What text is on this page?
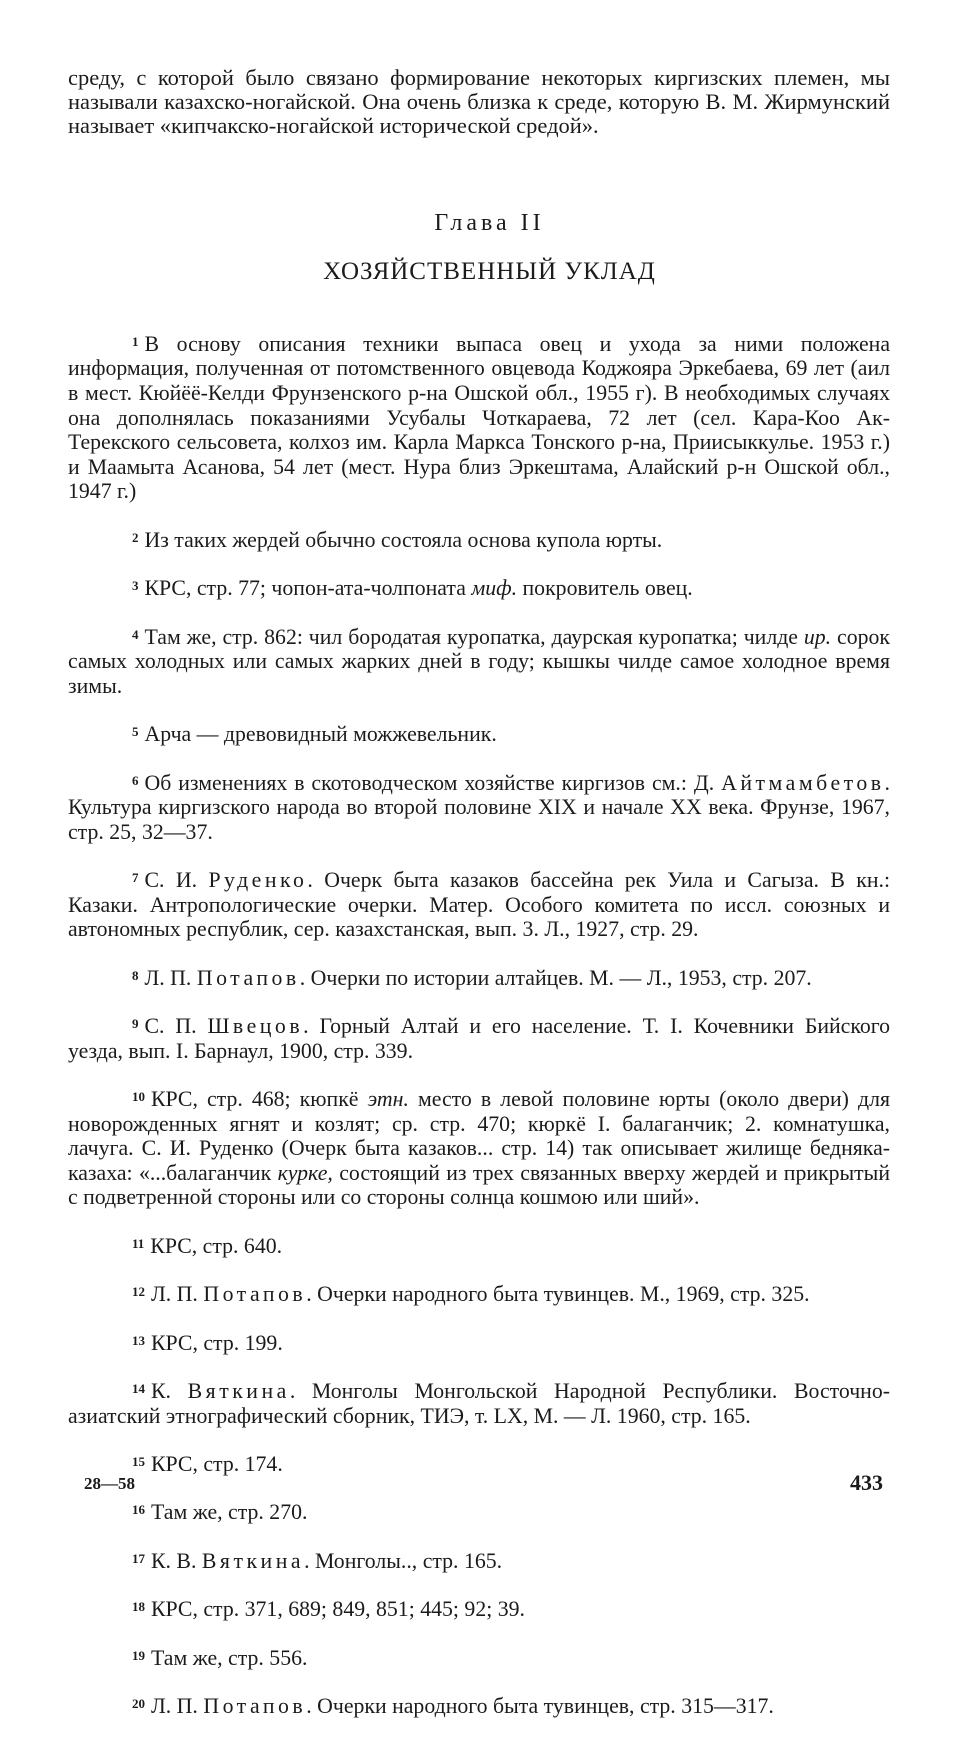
среду, с которой было связано формирование некоторых киргизских племен, мы называли казахско-ногайской. Она очень близка к среде, которую В. М. Жирмунский называет «кипчакско-ногайской исторической средой».

Глава II
ХОЗЯЙСТВЕННЫЙ УКЛАД

$^1$ В основу описания техники выпаса овец и ухода за ними положена информация, полученная от потомственного овцевода Коджояра Эркебаева, 69 лет (аил в мест. Кюйёё-Келди Фрунзенского р-на Ошской обл., 1955 г). В необходимых случаях она дополнялась показаниями Усубалы Чоткараева, 72 лет (сел. Кара-Коо Ак-Терекского сельсовета, колхоз им. Карла Маркса Тонского р-на, Приисыккулье. 1953 г.) и Маамыта Асанова, 54 лет (мест. Нура близ Эркештама, Алайский р-н Ошской обл., 1947 г.)

$^2$ Из таких жердей обычно состояла основа купола юрты.

$^3$ КРС, стр. 77; чопон-ата-чолпоната миф. покровитель овец.

$^4$ Там же, стр. 862: чил бородатая куропатка, даурская куропатка; чилде ир. сорок самых холодных или самых жарких дней в году; кышкы чилде самое холодное время зимы.

$^5$ Арча — древовидный можжевельник.

$^6$ Об изменениях в скотоводческом хозяйстве киргизов см.: Д. Айтмамбетов. Культура киргизского народа во второй половине XIX и начале XX века. Фрунзе, 1967, стр. 25, 32—37.

$^7$ С. И. Руденко. Очерк быта казаков бассейна рек Уила и Сагыза. В кн.: Казаки. Антропологические очерки. Матер. Особого комитета по иссл. союзных и автономных республик, сер. казахстанская, вып. 3. Л., 1927, стр. 29.

$^8$ Л. П. Потапов. Очерки по истории алтайцев. М. — Л., 1953, стр. 207.

$^9$ С. П. Швецов. Горный Алтай и его население. Т. I. Кочевники Бийского уезда, вып. I. Барнаул, 1900, стр. 339.

$^{10}$ КРС, стр. 468; кюпкё этн. место в левой половине юрты (около двери) для новорожденных ягнят и козлят; ср. стр. 470; кюркё I. балаганчик; 2. комнатушка, лачуга. С. И. Руденко (Очерк быта казаков... стр. 14) так описывает жилище бедняка-казаха: «...балаганчик курке, состоящий из трех связанных вверху жердей и прикрытый с подветренной стороны или со стороны солнца кошмою или ший».

$^{11}$ КРС, стр. 640.

$^{12}$ Л. П. Потапов. Очерки народного быта тувинцев. М., 1969, стр. 325.

$^{13}$ КРС, стр. 199.

$^{14}$ К. Вяткина. Монголы Монгольской Народной Республики. Восточно-азиатский этнографический сборник, ТИЭ, т. LX, М. — Л. 1960, стр. 165.

$^{15}$ КРС, стр. 174.

$^{16}$ Там же, стр. 270.

$^{17}$ К. В. Вяткина. Монголы.., стр. 165.

$^{18}$ КРС, стр. 371, 689; 849, 851; 445; 92; 39.

$^{19}$ Там же, стр. 556.

$^{20}$ Л. П. Потапов. Очерки народного быта тувинцев, стр. 315—317.

28—58	433
